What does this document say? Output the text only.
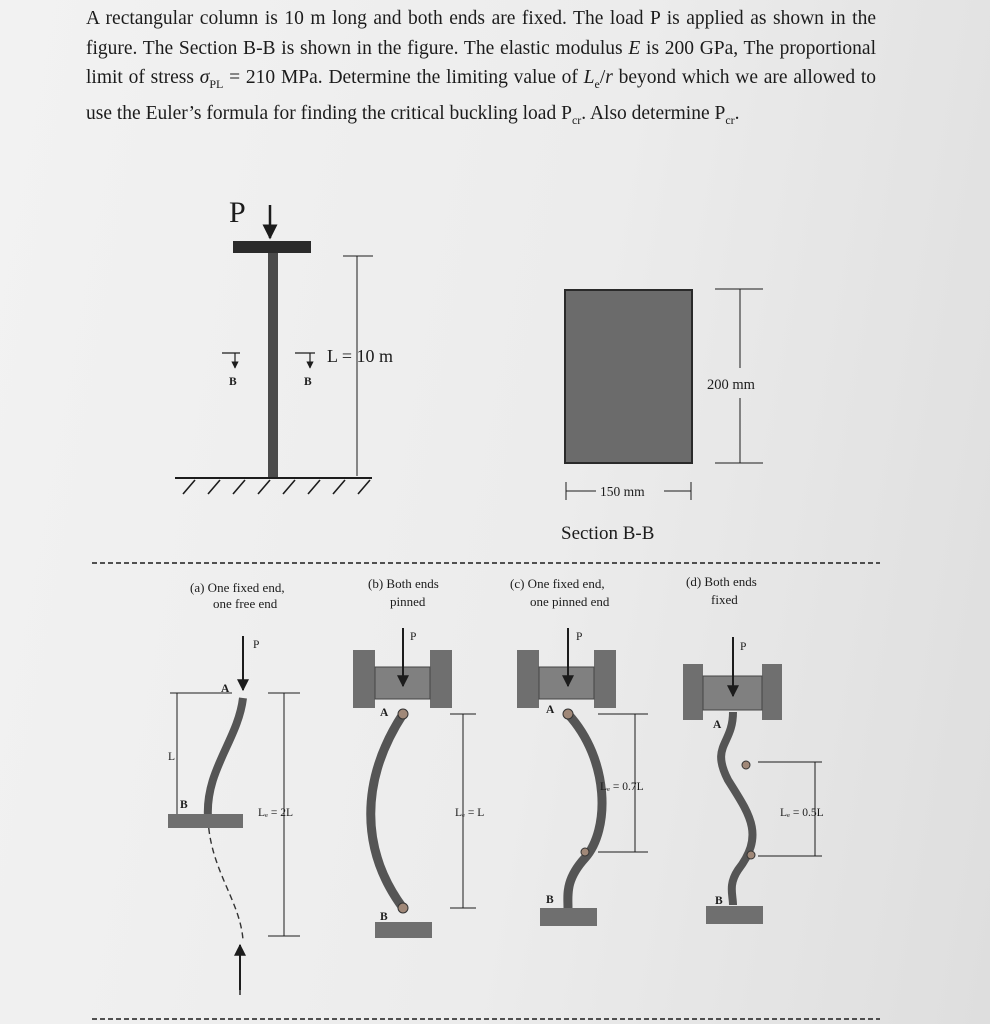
A rectangular column is 10 m long and both ends are fixed. The load P is applied as shown in the figure. The Section B-B is shown in the figure. The elastic modulus E is 200 GPa, The proportional limit of stress $\sigma_{PL} = 210$ MPa. Determine the limiting value of $L_e/r$ beyond which we are allowed to use the Euler’s formula for finding the critical buckling load $P_{cr}$. Also determine $P_{cr}$.

P
B	B
L = 10 m
200 mm
150 mm
Section B-B
(a) One fixed end,
one free end
P
A
B
L
Lₑ = 2L
(b) Both ends
pinned
P
A
B
Lₑ = L
(c) One fixed end,
one pinned end
P
A
B
Lₑ = 0.7L
(d) Both ends
fixed
P
A
B
Lₑ = 0.5L
